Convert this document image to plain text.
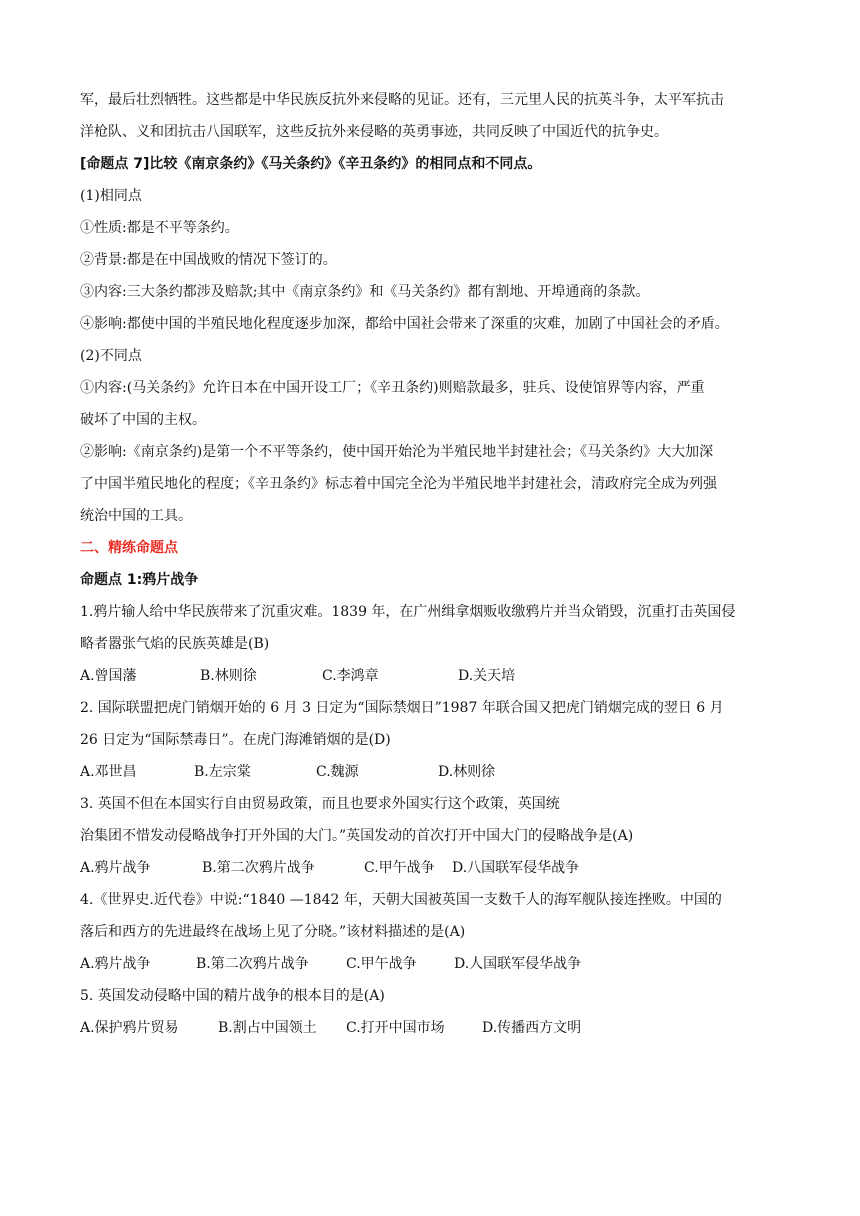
军，最后壮烈牺牲。这些都是中华民族反抗外来侵略的见证。还有，三元里人民的抗英斗争，太平军抗击

洋枪队、义和团抗击八国联军，这些反抗外来侵略的英勇事迹，共同反映了中国近代的抗争史。

[命题点 7]比较《南京条约》《马关条约》《辛丑条约》的相同点和不同点。

(1)相同点

①性质:都是不平等条约。

②背景:都是在中国战败的情况下签订的。

③内容:三大条约都涉及赔款;其中《南京条约》和《马关条约》都有割地、开埠通商的条款。

④影响:都使中国的半殖民地化程度逐步加深，都给中国社会带来了深重的灾难，加剧了中国社会的矛盾。

(2)不同点

①内容:(马关条约》允许日本在中国开设工厂；《辛丑条约)则赔款最多，驻兵、设使馆界等内容，严重

破坏了中国的主权。

②影响:《南京条约)是第一个不平等条约，使中国开始沦为半殖民地半封建社会；《马关条约》大大加深

了中国半殖民地化的程度；《辛丑条约》标志着中国完全沦为半殖民地半封建社会，清政府完全成为列强

统治中国的工具。

二、精练命题点

命题点 1:鸦片战争

1.鸦片输人给中华民族带来了沉重灾难。1839 年，在广州缉拿烟贩收缴鸦片并当众销毁，沉重打击英国侵

略者嚣张气焰的民族英雄是(B)

A.曾国藩	B.林则徐	C.李鸿章	D.关天培

2. 国际联盟把虎门销烟开始的 6 月 3 日定为“国际禁烟日”1987 年联合国又把虎门销烟完成的翌日 6 月

26 日定为“国际禁毒日”。在虎门海滩销烟的是(D)

A.邓世昌	B.左宗棠	C.魏源	D.林则徐

3. 英国不但在本国实行自由贸易政策，而且也要求外国实行这个政策，英国统

治集团不惜发动侵略战争打开外国的大门。”英国发动的首次打开中国大门的侵略战争是(A)

A.鸦片战争	B.第二次鸦片战争	C.甲午战争	D.八国联军侵华战争

4.《世界史.近代卷》中说:“1840 —1842 年，天朝大国被英国一支数千人的海军舰队接连挫败。中国的

落后和西方的先进最终在战场上见了分晓。”该材料描述的是(A)

A.鸦片战争	B.第二次鸦片战争	C.甲午战争	D.人国联军侵华战争

5. 英国发动侵略中国的精片战争的根本目的是(A)

A.保护鸦片贸易	B.割占中国领土	C.打开中国市场	D.传播西方文明
